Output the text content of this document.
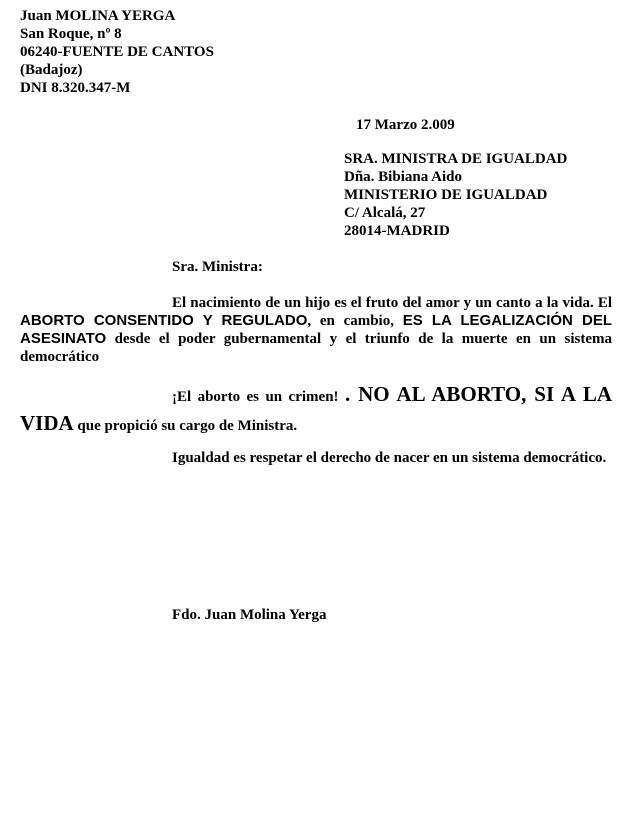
Juan MOLINA YERGA
San Roque, nº 8
06240-FUENTE DE CANTOS
(Badajoz)
DNI 8.320.347-M
17 Marzo 2.009
SRA. MINISTRA DE IGUALDAD
Dña. Bibiana Aido
MINISTERIO DE IGUALDAD
C/ Alcalá, 27
28014-MADRID
Sra. Ministra:
El nacimiento de un hijo es el fruto del amor y un canto a la vida. El ABORTO CONSENTIDO Y REGULADO, en cambio, ES LA LEGALIZACIÓN DEL ASESINATO desde el poder gubernamental y el triunfo de la muerte en un sistema democrático
¡El aborto es un crimen! . NO AL ABORTO, SI A LA VIDA que propició su cargo de Ministra.
Igualdad es respetar el derecho de nacer en un sistema democrático.
Fdo. Juan Molina Yerga
